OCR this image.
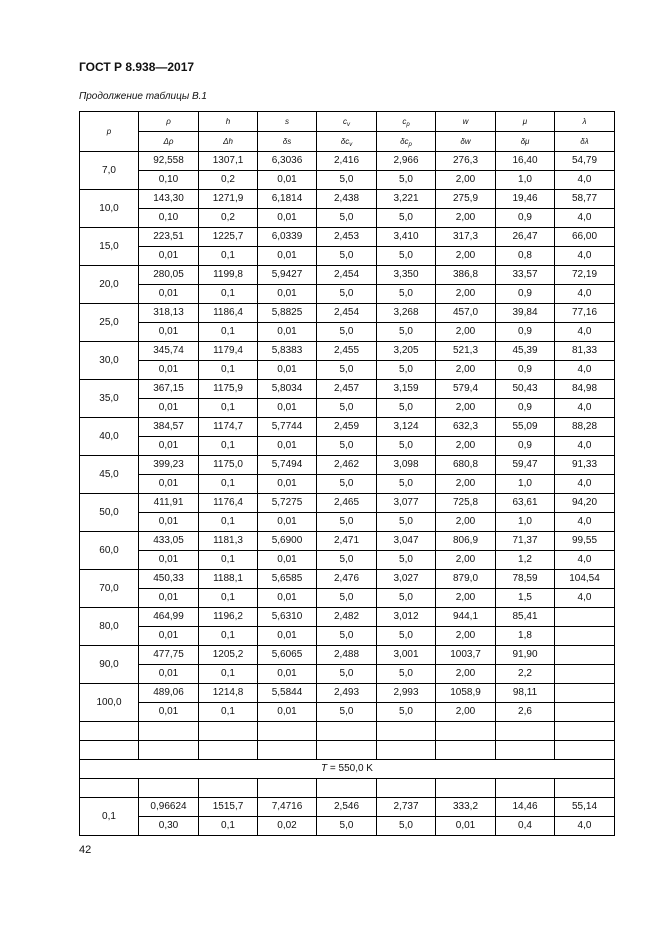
ГОСТ Р 8.938—2017
Продолжение таблицы В.1
p	ρ	h	s	$c_v$	$c_p$	w	μ	λ
	Δρ	Δh	δs	$\delta c_v$	$\delta c_p$	δw	δμ	δλ
7,0	92,558	1307,1	6,3036	2,416	2,966	276,3	16,40	54,79
	0,10	0,2	0,01	5,0	5,0	2,00	1,0	4,0
10,0	143,30	1271,9	6,1814	2,438	3,221	275,9	19,46	58,77
	0,10	0,2	0,01	5,0	5,0	2,00	0,9	4,0
15,0	223,51	1225,7	6,0339	2,453	3,410	317,3	26,47	66,00
	0,01	0,1	0,01	5,0	5,0	2,00	0,8	4,0
20,0	280,05	1199,8	5,9427	2,454	3,350	386,8	33,57	72,19
	0,01	0,1	0,01	5,0	5,0	2,00	0,9	4,0
25,0	318,13	1186,4	5,8825	2,454	3,268	457,0	39,84	77,16
	0,01	0,1	0,01	5,0	5,0	2,00	0,9	4,0
30,0	345,74	1179,4	5,8383	2,455	3,205	521,3	45,39	81,33
	0,01	0,1	0,01	5,0	5,0	2,00	0,9	4,0
35,0	367,15	1175,9	5,8034	2,457	3,159	579,4	50,43	84,98
	0,01	0,1	0,01	5,0	5,0	2,00	0,9	4,0
40,0	384,57	1174,7	5,7744	2,459	3,124	632,3	55,09	88,28
	0,01	0,1	0,01	5,0	5,0	2,00	0,9	4,0
45,0	399,23	1175,0	5,7494	2,462	3,098	680,8	59,47	91,33
	0,01	0,1	0,01	5,0	5,0	2,00	1,0	4,0
50,0	411,91	1176,4	5,7275	2,465	3,077	725,8	63,61	94,20
	0,01	0,1	0,01	5,0	5,0	2,00	1,0	4,0
60,0	433,05	1181,3	5,6900	2,471	3,047	806,9	71,37	99,55
	0,01	0,1	0,01	5,0	5,0	2,00	1,2	4,0
70,0	450,33	1188,1	5,6585	2,476	3,027	879,0	78,59	104,54
	0,01	0,1	0,01	5,0	5,0	2,00	1,5	4,0
80,0	464,99	1196,2	5,6310	2,482	3,012	944,1	85,41	
	0,01	0,1	0,01	5,0	5,0	2,00	1,8	
90,0	477,75	1205,2	5,6065	2,488	3,001	1003,7	91,90	
	0,01	0,1	0,01	5,0	5,0	2,00	2,2	
100,0	489,06	1214,8	5,5844	2,493	2,993	1058,9	98,11	
	0,01	0,1	0,01	5,0	5,0	2,00	2,6	

T = 550,0 K								

0,1	0,96624	1515,7	7,4716	2,546	2,737	333,2	14,46	55,14
	0,30	0,1	0,02	5,0	5,0	0,01	0,4	4,0
42
